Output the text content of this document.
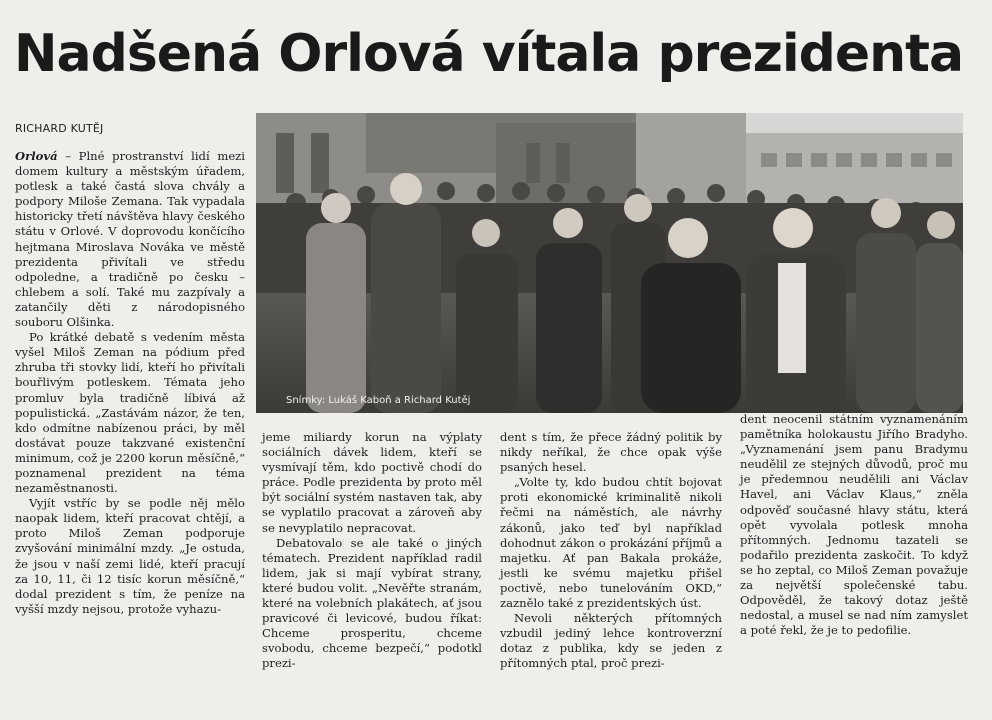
Nadšená Orlová vítala prezidenta
RICHARD KUTĚJ
Snímky: Lukáš Kaboň a Richard Kutěj

Orlová – Plné prostranství lidí mezi domem kultury a městským úřadem, potlesk a také častá slova chvály a podpory Miloše Zemana. Tak vypadala historicky třetí návštěva hlavy českého státu v Orlové. V doprovodu končícího hejtmana Miroslava Nováka ve městě prezidenta přivítali ve středu odpoledne, a tradičně po česku – chlebem a solí. Také mu zazpívaly a zatančily děti z národopisného souboru Olšinka.

Po krátké debatě s vedením města vyšel Miloš Zeman na pódium před zhruba tři stovky lidí, kteří ho přivítali bouřlivým potleskem. Témata jeho promluv byla tradičně líbivá až populistická. „Zastávám názor, že ten, kdo odmítne nabízenou práci, by měl dostávat pouze takzvané existenční minimum, což je 2200 korun měsíčně,“ poznamenal prezident na téma nezaměstnanosti.

Vyjít vstříc by se podle něj mělo naopak lidem, kteří pracovat chtějí, a proto Miloš Zeman podporuje zvyšování minimální mzdy. „Je ostuda, že jsou v naší zemi lidé, kteří pracují za 10, 11, či 12 tisíc korun měsíčně,“ dodal prezident s tím, že peníze na vyšší mzdy nejsou, protože vyhazu-

jeme miliardy korun na výplaty sociálních dávek lidem, kteří se vysmívají těm, kdo poctivě chodí do práce. Podle prezidenta by proto měl být sociální systém nastaven tak, aby se vyplatilo pracovat a zároveň aby se nevyplatilo nepracovat.

Debatovalo se ale také o jiných tématech. Prezident například radil lidem, jak si mají vybírat strany, které budou volit. „Nevěřte stranám, které na volebních plakátech, ať jsou pravicové či levicové, budou říkat: Chceme prosperitu, chceme svobodu, chceme bezpečí,“ podotkl prezi-

dent s tím, že přece žádný politik by nikdy neříkal, že chce opak výše psaných hesel.

„Volte ty, kdo budou chtít bojovat proti ekonomické kriminalitě nikoli řečmi na náměstích, ale návrhy zákonů, jako teď byl například dohodnut zákon o prokázání příjmů a majetku. Ať pan Bakala prokáže, jestli ke svému majetku přišel poctivě, nebo tunelováním OKD,“ zaznělo také z prezidentských úst.

Nevoli některých přítomných vzbudil jediný lehce kontroverzní dotaz z publika, kdy se jeden z přítomných ptal, proč prezi-

dent neocenil státním vyznamenáním pamětníka holokaustu Jiřího Bradyho. „Vyznamenání jsem panu Bradymu neudělil ze stejných důvodů, proč mu je předemnou neudělili ani Václav Havel, ani Václav Klaus,“ zněla odpověď současné hlavy státu, která opět vyvolala potlesk mnoha přítomných. Jednomu tazateli se podařilo prezidenta zaskočit. To když se ho zeptal, co Miloš Zeman považuje za největší společenské tabu. Odpověděl, že takový dotaz ještě nedostal, a musel se nad ním zamyslet a poté řekl, že je to pedofilie.
